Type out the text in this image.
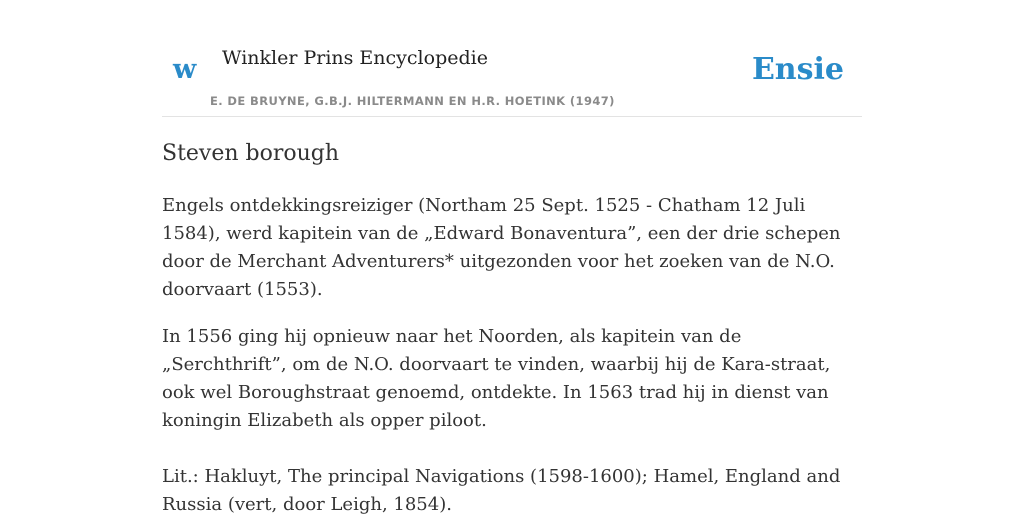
w Winkler Prins Encyclopedie
E. DE BRUYNE, G.B.J. HILTERMANN EN H.R. HOETINK (1947)
Ensie
Steven borough

Engels ontdekkingsreiziger (Northam 25 Sept. 1525 - Chatham 12 Juli 1584), werd kapitein van de „Edward Bonaventura”, een der drie schepen door de Merchant Adventurers* uitgezonden voor het zoeken van de N.O. doorvaart (1553).

In 1556 ging hij opnieuw naar het Noorden, als kapitein van de „Serchthrift”, om de N.O. doorvaart te vinden, waarbij hij de Kara-straat, ook wel Boroughstraat genoemd, ontdekte. In 1563 trad hij in dienst van koningin Elizabeth als opper piloot.

Lit.: Hakluyt, The principal Navigations (1598-1600); Hamel, England and Russia (vert, door Leigh, 1854).
